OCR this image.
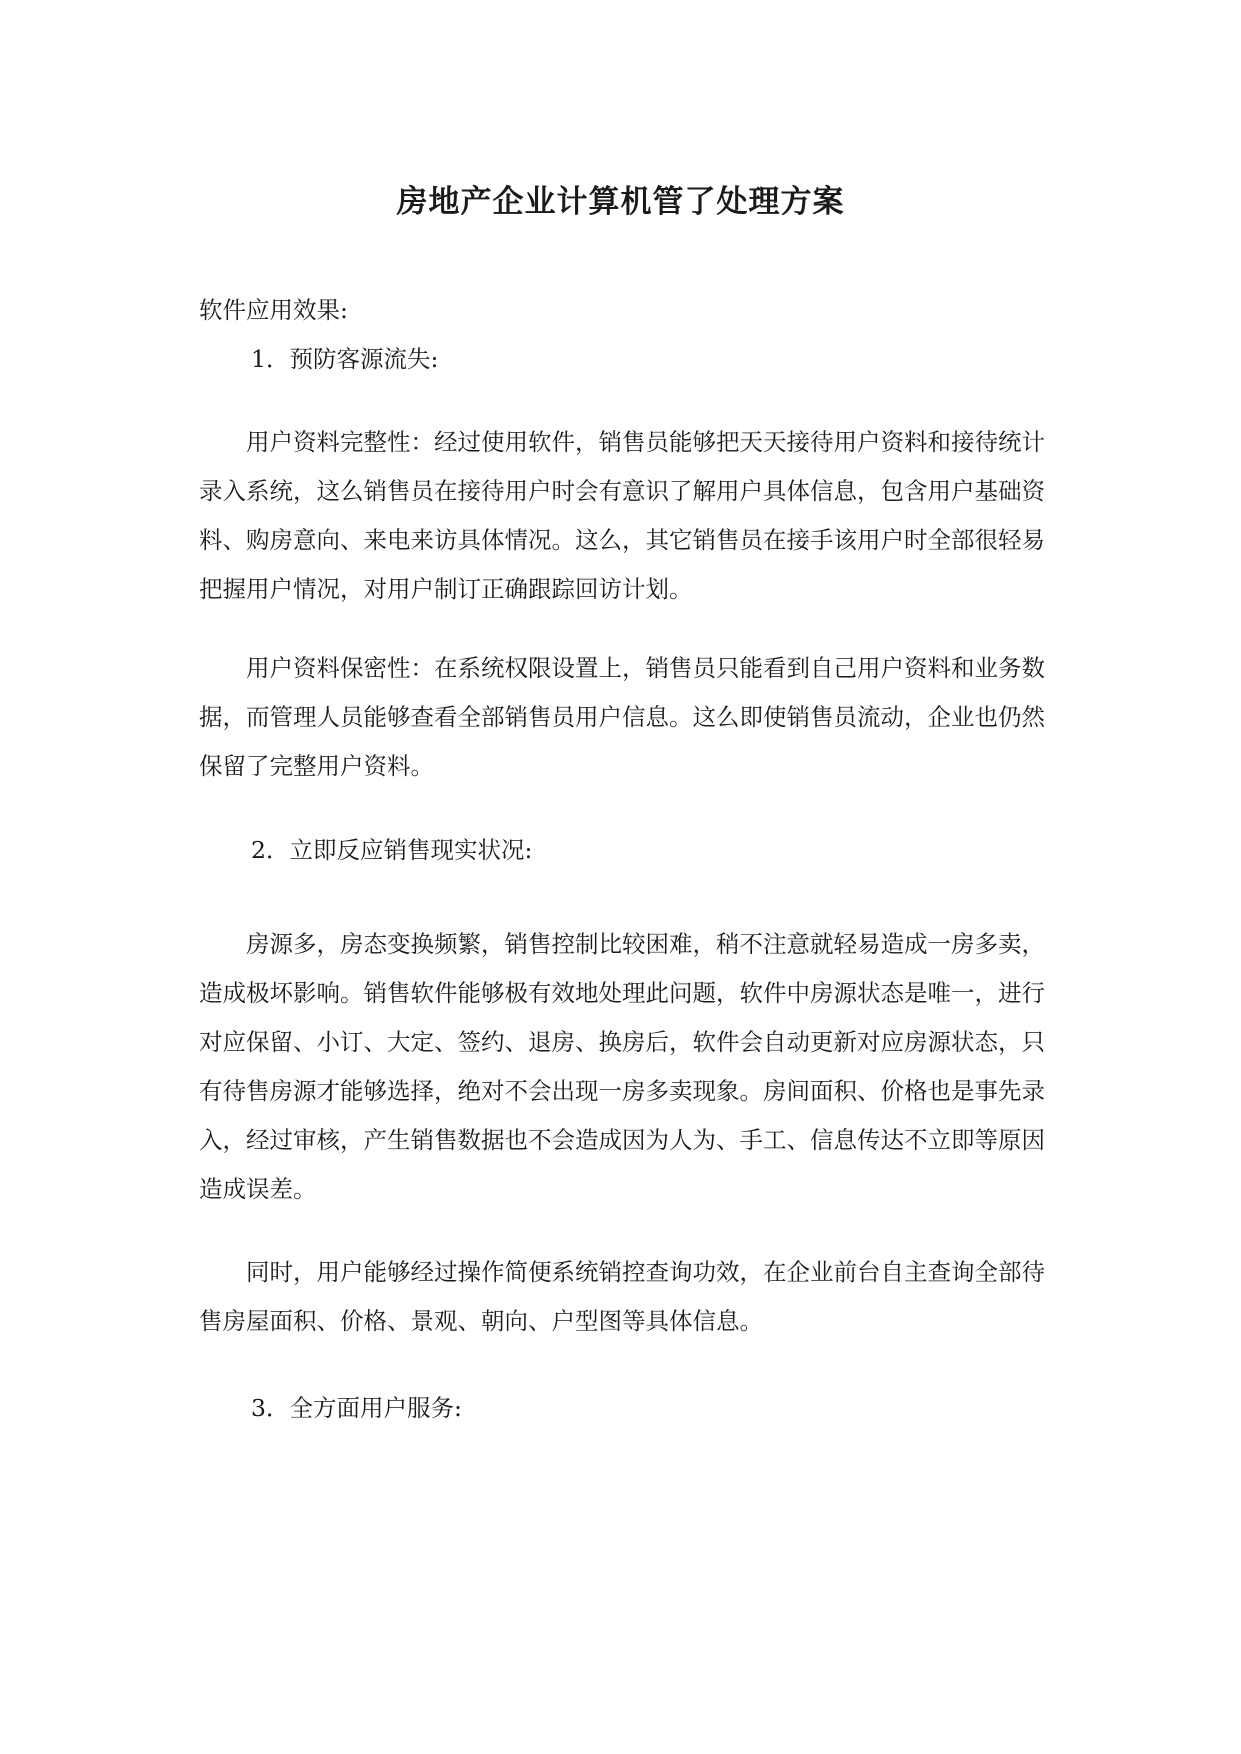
房地产企业计算机管了处理方案

软件应用效果:

1．预防客源流失:

用户资料完整性：经过使用软件，销售员能够把天天接待用户资料和接待统计录入系统，这么销售员在接待用户时会有意识了解用户具体信息，包含用户基础资料、购房意向、来电来访具体情况。这么，其它销售员在接手该用户时全部很轻易把握用户情况，对用户制订正确跟踪回访计划。

用户资料保密性：在系统权限设置上，销售员只能看到自己用户资料和业务数据，而管理人员能够查看全部销售员用户信息。这么即使销售员流动，企业也仍然保留了完整用户资料。

2．立即反应销售现实状况:

房源多，房态变换频繁，销售控制比较困难，稍不注意就轻易造成一房多卖，造成极坏影响。销售软件能够极有效地处理此问题，软件中房源状态是唯一，进行对应保留、小订、大定、签约、退房、换房后，软件会自动更新对应房源状态，只有待售房源才能够选择，绝对不会出现一房多卖现象。房间面积、价格也是事先录入，经过审核，产生销售数据也不会造成因为人为、手工、信息传达不立即等原因造成误差。

同时，用户能够经过操作简便系统销控查询功效，在企业前台自主查询全部待售房屋面积、价格、景观、朝向、户型图等具体信息。

3．全方面用户服务:
